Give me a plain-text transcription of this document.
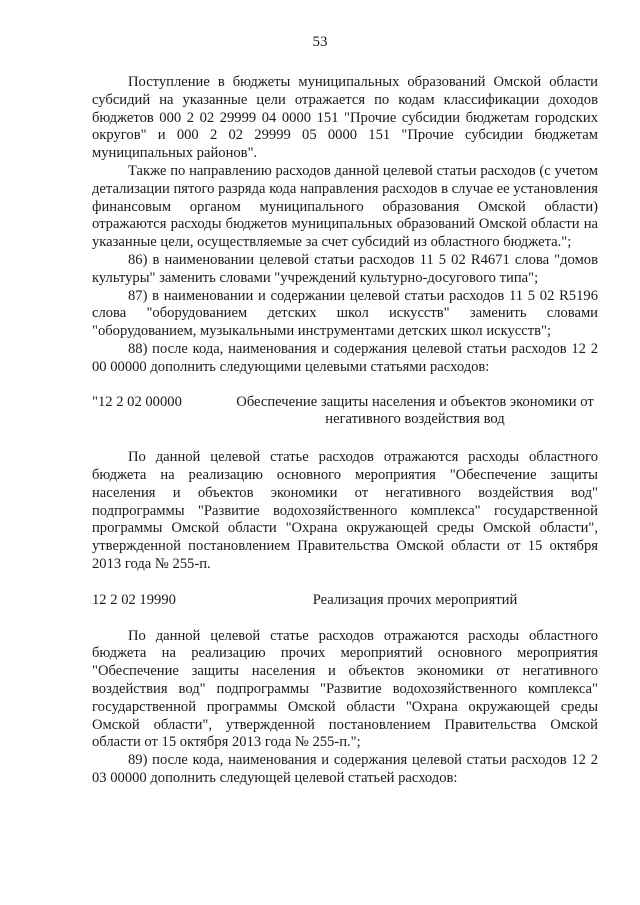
53

Поступление в бюджеты муниципальных образований Омской области субсидий на указанные цели отражается по кодам классификации доходов бюджетов 000 2 02 29999 04 0000 151 "Прочие субсидии бюджетам городских округов" и 000 2 02 29999 05 0000 151 "Прочие субсидии бюджетам муниципальных районов".

Также по направлению расходов данной целевой статьи расходов (с учетом детализации пятого разряда кода направления расходов в случае ее установления финансовым органом муниципального образования Омской области) отражаются расходы бюджетов муниципальных образований Омской области на указанные цели, осуществляемые за счет субсидий из областного бюджета.";

86) в наименовании целевой статьи расходов 11 5 02 R4671 слова "домов культуры" заменить словами "учреждений культурно-досугового типа";

87) в наименовании и содержании целевой статьи расходов 11 5 02 R5196 слова "оборудованием детских школ искусств" заменить словами "оборудованием, музыкальными инструментами детских школ искусств";

88) после кода, наименования и содержания целевой статьи расходов 12 2 00 00000 дополнить следующими целевыми статьями расходов:

"12 2 02 00000	Обеспечение защиты населения и объектов экономики от негативного воздействия вод

По данной целевой статье расходов отражаются расходы областного бюджета на реализацию основного мероприятия "Обеспечение защиты населения и объектов экономики от негативного воздействия вод" подпрограммы "Развитие водохозяйственного комплекса" государственной программы Омской области "Охрана окружающей среды Омской области", утвержденной постановлением Правительства Омской области от 15 октября 2013 года № 255-п.

12 2 02 19990	Реализация прочих мероприятий

По данной целевой статье расходов отражаются расходы областного бюджета на реализацию прочих мероприятий основного мероприятия "Обеспечение защиты населения и объектов экономики от негативного воздействия вод" подпрограммы "Развитие водохозяйственного комплекса" государственной программы Омской области "Охрана окружающей среды Омской области", утвержденной постановлением Правительства Омской области от 15 октября 2013 года № 255-п.";

89) после кода, наименования и содержания целевой статьи расходов 12 2 03 00000 дополнить следующей целевой статьей расходов:
